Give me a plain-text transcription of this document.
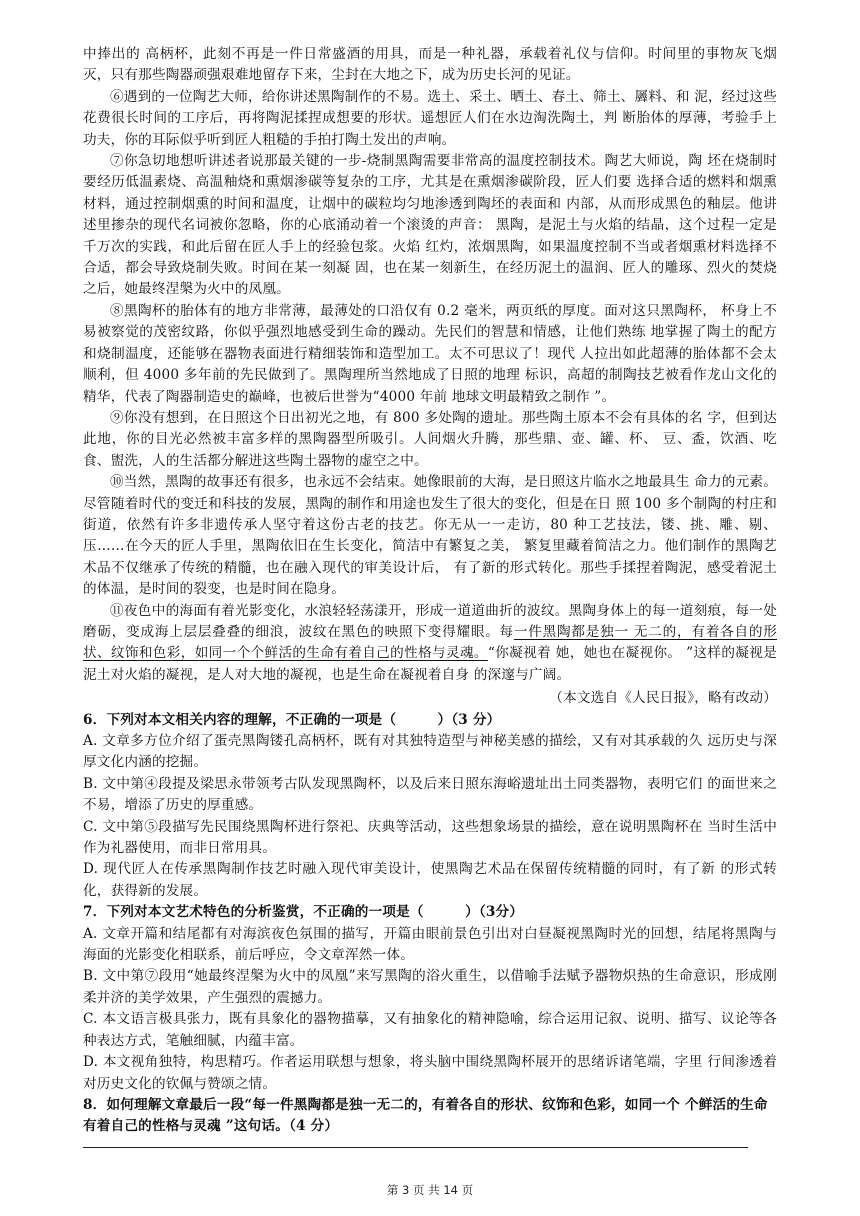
中捧出的 高柄杯，此刻不再是一件日常盛酒的用具，而是一种礼器，承载着礼仪与信仰。时间里的事物灰飞烟 灭，只有那些陶器顽强艰难地留存下来，尘封在大地之下，成为历史长河的见证。

⑥遇到的一位陶艺大师，给你讲述黑陶制作的不易。选土、采土、晒土、春土、筛土、羼料、和 泥，经过这些花费很长时间的工序后，再将陶泥揉捏成想要的形状。遥想匠人们在水边淘洗陶土，判 断胎体的厚薄，考验手上功夫，你的耳际似乎听到匠人粗糙的手拍打陶土发出的声响。

⑦你急切地想听讲述者说那最关键的一步-烧制黑陶需要非常高的温度控制技术。陶艺大师说，陶 坯在烧制时要经历低温素烧、高温釉烧和熏烟渗碳等复杂的工序，尤其是在熏烟渗碳阶段，匠人们要 选择合适的燃料和烟熏材料，通过控制烟熏的时间和温度，让烟中的碳粒均匀地渗透到陶坯的表面和 内部，从而形成黑色的釉层。他讲述里掺杂的现代名词被你忽略，你的心底涌动着一个滚烫的声音： 黑陶，是泥土与火焰的结晶，这个过程一定是千万次的实践，和此后留在匠人手上的经验包浆。火焰 红灼，浓烟黑陶，如果温度控制不当或者烟熏材料选择不合适，都会导致烧制失败。时间在某一刻凝 固，也在某一刻新生，在经历泥土的温润、匠人的雕琢、烈火的焚烧之后，她最终涅槃为火中的凤凰。

⑧黑陶杯的胎体有的地方非常薄，最薄处的口沿仅有 0.2 毫米，两页纸的厚度。面对这只黑陶杯， 杯身上不易被察觉的茂密纹路，你似乎强烈地感受到生命的躁动。先民们的智慧和情感，让他们熟练 地掌握了陶土的配方和烧制温度，还能够在器物表面进行精细装饰和造型加工。太不可思议了！现代 人拉出如此超薄的胎体都不会太顺利，但 4000 多年前的先民做到了。黑陶理所当然地成了日照的地理 标识，高超的制陶技艺被看作龙山文化的精华，代表了陶器制造史的巅峰，也被后世誉为“4000 年前 地球文明最精致之制作 ”。

⑨你没有想到，在日照这个日出初光之地，有 800 多处陶的遗址。那些陶土原本不会有具体的名 字，但到达此地，你的目光必然被丰富多样的黑陶器型所吸引。人间烟火升腾，那些鼎、壶、罐、杯、 豆、盉，饮酒、吃食、盥洗，人的生活都分解进这些陶土器物的虚空之中。

⑩当然，黑陶的故事还有很多，也永远不会结束。她像眼前的大海，是日照这片临水之地最具生 命力的元素。尽管随着时代的变迁和科技的发展，黑陶的制作和用途也发生了很大的变化，但是在日 照 100 多个制陶的村庄和街道，依然有许多非遗传承人坚守着这份古老的技艺。你无从一一走访，80 种工艺技法，镂、挑、雕、剔、压……在今天的匠人手里，黑陶依旧在生长变化，简洁中有繁复之美， 繁复里藏着简洁之力。他们制作的黑陶艺术品不仅继承了传统的精髓，也在融入现代的审美设计后， 有了新的形式转化。那些手揉捏着陶泥，感受着泥土的体温，是时间的裂变，也是时间在隐身。

⑪夜色中的海面有着光影变化，水浪轻轻荡漾开，形成一道道曲折的波纹。黑陶身体上的每一道刻痕，每一处磨砺，变成海上层层叠叠的细浪，波纹在黑色的映照下变得耀眼。每一件黑陶都是独一 无二的，有着各自的形状、纹饰和色彩，如同一个个鲜活的生命有着自己的性格与灵魂。“你凝视着 她，她也在凝视你。 ”这样的凝视是泥土对火焰的凝视，是人对大地的凝视，也是生命在凝视着自身 的深邃与广阔。

（本文选自《人民日报》，略有改动）

6．下列对本文相关内容的理解，不正确的一项是（　　　）（3 分）

A. 文章多方位介绍了蛋壳黑陶镂孔高柄杯，既有对其独特造型与神秘美感的描绘，又有对其承载的久 远历史与深厚文化内涵的挖掘。

B. 文中第④段提及梁思永带领考古队发现黑陶杯，以及后来日照东海峪遗址出土同类器物，表明它们 的面世来之不易，增添了历史的厚重感。

C. 文中第⑤段描写先民围绕黑陶杯进行祭祀、庆典等活动，这些想象场景的描绘，意在说明黑陶杯在 当时生活中作为礼器使用，而非日常用具。

D. 现代匠人在传承黑陶制作技艺时融入现代审美设计，使黑陶艺术品在保留传统精髓的同时，有了新 的形式转化，获得新的发展。

7．下列对本文艺术特色的分析鉴赏，不正确的一项是（　　　）（3分）

A. 文章开篇和结尾都有对海滨夜色氛围的描写，开篇由眼前景色引出对白昼凝视黑陶时光的回想，结尾将黑陶与海面的光影变化相联系，前后呼应，令文章浑然一体。

B. 文中第⑦段用“她最终涅槃为火中的凤凰”来写黑陶的浴火重生，以借喻手法赋予器物炽热的生命意识，形成刚柔并济的美学效果，产生强烈的震撼力。

C. 本文语言极具张力，既有具象化的器物描摹，又有抽象化的精神隐喻，综合运用记叙、说明、描写、议论等各种表达方式，笔触细腻，内蕴丰富。

D. 本文视角独特，构思精巧。作者运用联想与想象，将头脑中围绕黑陶杯展开的思绪诉诸笔端，字里 行间渗透着对历史文化的钦佩与赞颂之情。

8．如何理解文章最后一段“每一件黑陶都是独一无二的，有着各自的形状、纹饰和色彩，如同一个 个鲜活的生命有着自己的性格与灵魂 ”这句话。（4 分）

第 3 页 共 14 页
